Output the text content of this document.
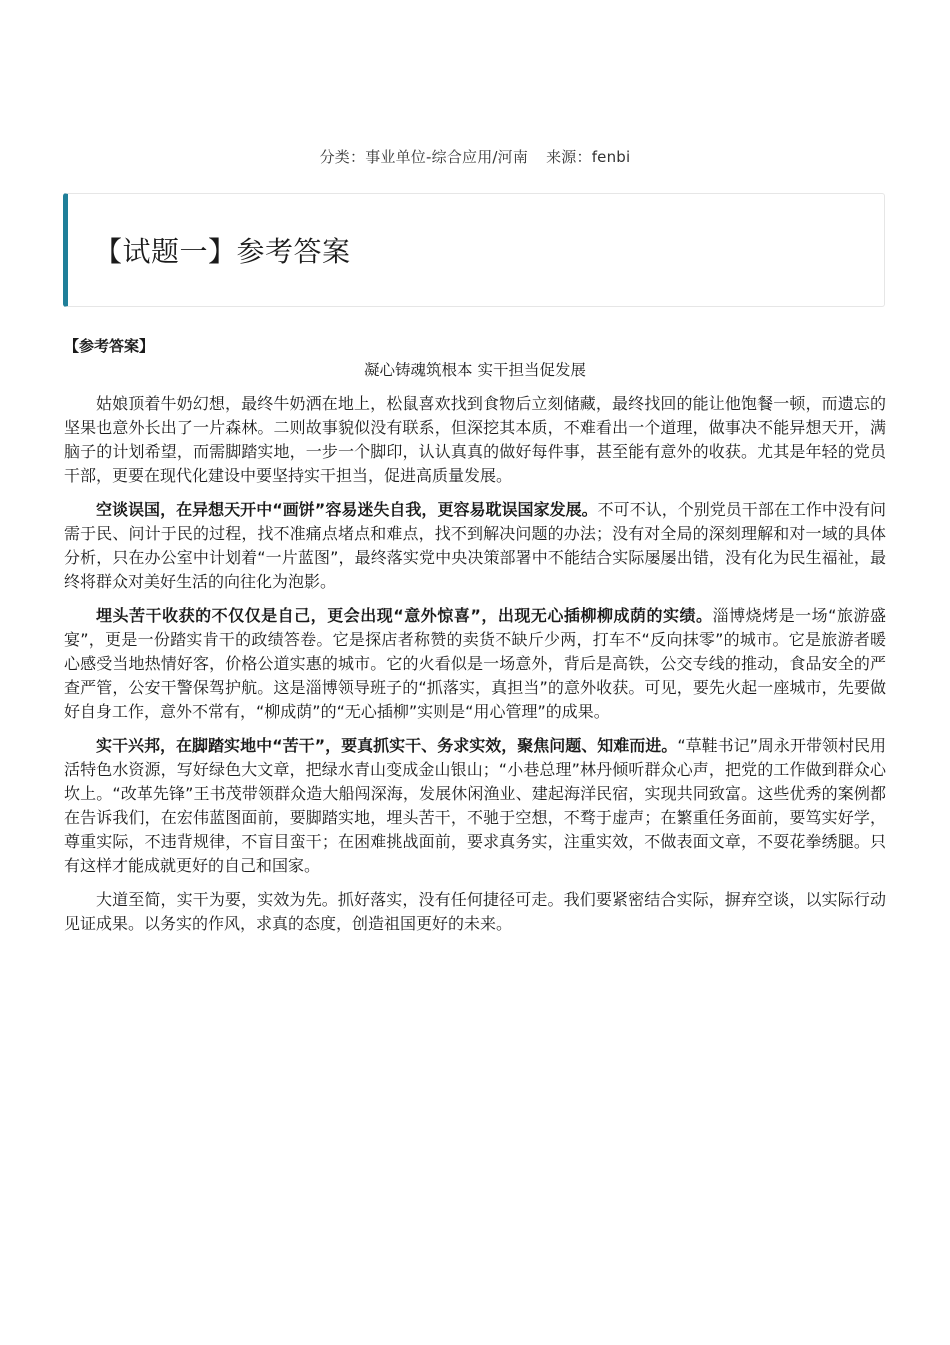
分类：事业单位-综合应用/河南 来源：fenbi
【试题一】参考答案
【参考答案】
凝心铸魂筑根本 实干担当促发展

姑娘顶着牛奶幻想，最终牛奶洒在地上，松鼠喜欢找到食物后立刻储藏，最终找回的能让他饱餐一顿，而遗忘的坚果也意外长出了一片森林。二则故事貌似没有联系，但深挖其本质，不难看出一个道理，做事决不能异想天开，满脑子的计划希望，而需脚踏实地，一步一个脚印，认认真真的做好每件事，甚至能有意外的收获。尤其是年轻的党员干部，更要在现代化建设中要坚持实干担当，促进高质量发展。

空谈误国，在异想天开中“画饼”容易迷失自我，更容易耽误国家发展。不可不认，个别党员干部在工作中没有问需于民、问计于民的过程，找不准痛点堵点和难点，找不到解决问题的办法；没有对全局的深刻理解和对一域的具体分析，只在办公室中计划着“一片蓝图”，最终落实党中央决策部署中不能结合实际屡屡出错，没有化为民生福祉，最终将群众对美好生活的向往化为泡影。

埋头苦干收获的不仅仅是自己，更会出现“意外惊喜”，出现无心插柳柳成荫的实绩。淄博烧烤是一场“旅游盛宴”，更是一份踏实肯干的政绩答卷。它是探店者称赞的卖货不缺斤少两，打车不“反向抹零”的城市。它是旅游者暖心感受当地热情好客，价格公道实惠的城市。它的火看似是一场意外，背后是高铁，公交专线的推动，食品安全的严查严管，公安干警保驾护航。这是淄博领导班子的“抓落实，真担当”的意外收获。可见，要先火起一座城市，先要做好自身工作，意外不常有，“柳成荫”的“无心插柳”实则是“用心管理”的成果。

实干兴邦，在脚踏实地中“苦干”，要真抓实干、务求实效，聚焦问题、知难而进。“草鞋书记”周永开带领村民用活特色水资源，写好绿色大文章，把绿水青山变成金山银山；“小巷总理”林丹倾听群众心声，把党的工作做到群众心坎上。“改革先锋”王书茂带领群众造大船闯深海，发展休闲渔业、建起海洋民宿，实现共同致富。这些优秀的案例都在告诉我们，在宏伟蓝图面前，要脚踏实地，埋头苦干，不驰于空想，不骛于虚声；在繁重任务面前，要笃实好学，尊重实际，不违背规律，不盲目蛮干；在困难挑战面前，要求真务实，注重实效，不做表面文章，不耍花拳绣腿。只有这样才能成就更好的自己和国家。

大道至简，实干为要，实效为先。抓好落实，没有任何捷径可走。我们要紧密结合实际，摒弃空谈，以实际行动见证成果。以务实的作风，求真的态度，创造祖国更好的未来。
